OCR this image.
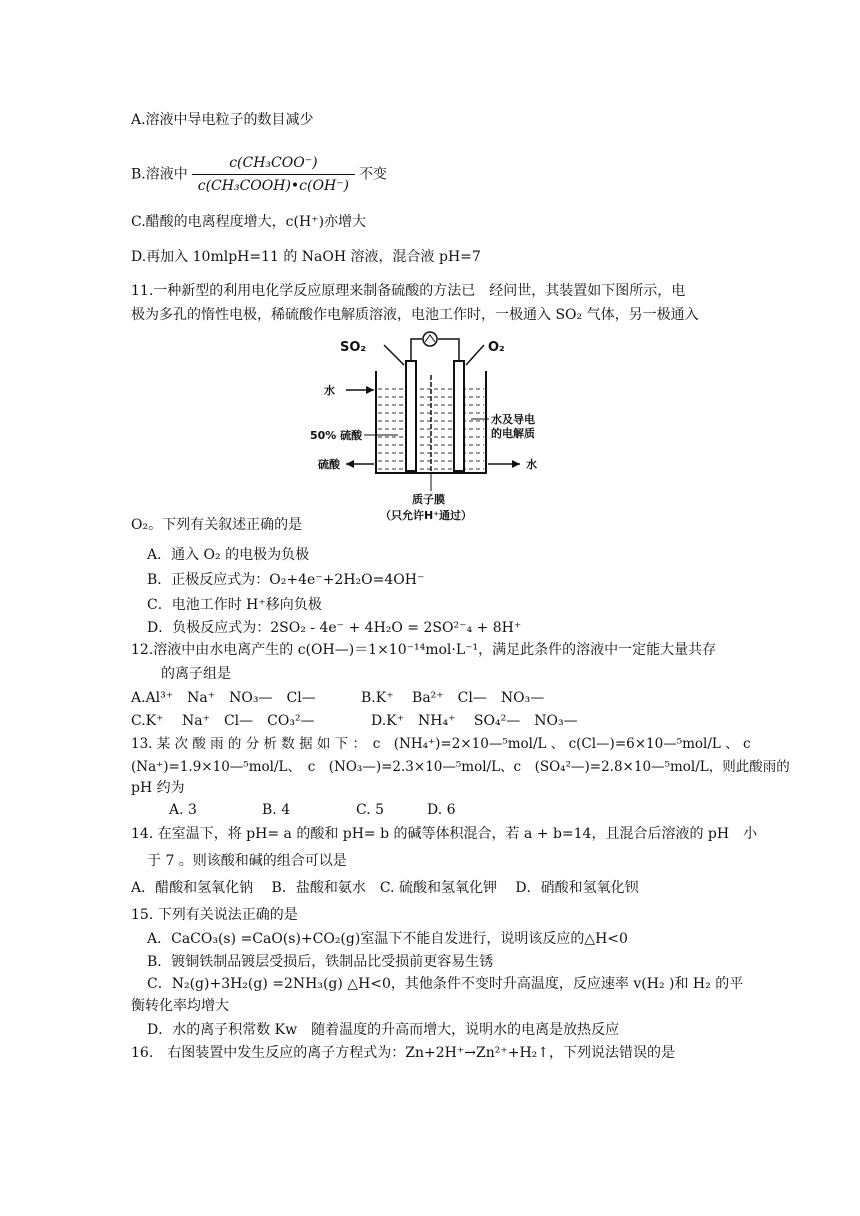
A.溶液中导电粒子的数目减少
B.溶液中 $\frac{\text{c(CH₃COO⁻)}}{\text{c(CH₃COOH)•c(OH⁻)}}$ 不变
C.醋酸的电离程度增大，c(H⁺)亦增大
D.再加入 10mlpH=11 的 NaOH 溶液，混合液 pH=7
11.一种新型的利用电化学反应原理来制备硫酸的方法已　经问世，其装置如下图所示，电
极为多孔的惰性电极，稀硫酸作电解质溶液，电池工作时，一极通入 SO₂ 气体，另一极通入
SO₂	O₂
水
50% 硫酸
硫酸	水
水及导电
的电解质
质子膜
（只允许H⁺通过）
O₂。下列有关叙述正确的是
A．通入 O₂ 的电极为负极
B．正极反应式为：O₂+4e⁻+2H₂O=4OH⁻
C．电池工作时 H⁺移向负极
D．负极反应式为：2SO₂ - 4e⁻ + 4H₂O = 2SO²⁻₄ + 8H⁺
12.溶液中由水电离产生的 c(OH—)＝1×10⁻¹⁴mol·L⁻¹，满足此条件的溶液中一定能大量共存
的离子组是
A.Al³⁺　Na⁺　NO₃—　Cl—	B.K⁺　 Ba²⁺　Cl—　NO₃—
C.K⁺　 Na⁺　Cl—　CO₃²—	D.K⁺　NH₄⁺　 SO₄²—　NO₃—
13. 某 次 酸 雨 的 分 析 数 据 如 下 ：　c　(NH₄⁺)=2×10—⁵mol/L 、 c(Cl—)=6×10—⁵mol/L 、 c
(Na⁺)=1.9×10—⁵mol/L、　c　(NO₃—)=2.3×10—⁵mol/L、c　(SO₄²—)=2.8×10—⁵mol/L，则此酸雨的
pH 约为
A. 3	B. 4	C. 5	D. 6
14. 在室温下，将 pH= a 的酸和 pH= b 的碱等体积混合，若 a + b=14，且混合后溶液的 pH　小
于 7 。则该酸和碱的组合可以是
A．醋酸和氢氧化钠　 B．盐酸和氨水　C. 硫酸和氢氧化钾　 D．硝酸和氢氧化钡
15. 下列有关说法正确的是
A．CaCO₃(s) =CaO(s)+CO₂(g)室温下不能自发进行，说明该反应的△H<0
B．镀铜铁制品镀层受损后，铁制品比受损前更容易生锈
C．N₂(g)+3H₂(g) =2NH₃(g) △H<0，其他条件不变时升高温度，反应速率 v(H₂ )和 H₂ 的平
衡转化率均增大
D．水的离子积常数 Kw　随着温度的升高而增大，说明水的电离是放热反应
16.　右图装置中发生反应的离子方程式为：Zn+2H⁺→Zn²⁺+H₂↑，下列说法错误的是
